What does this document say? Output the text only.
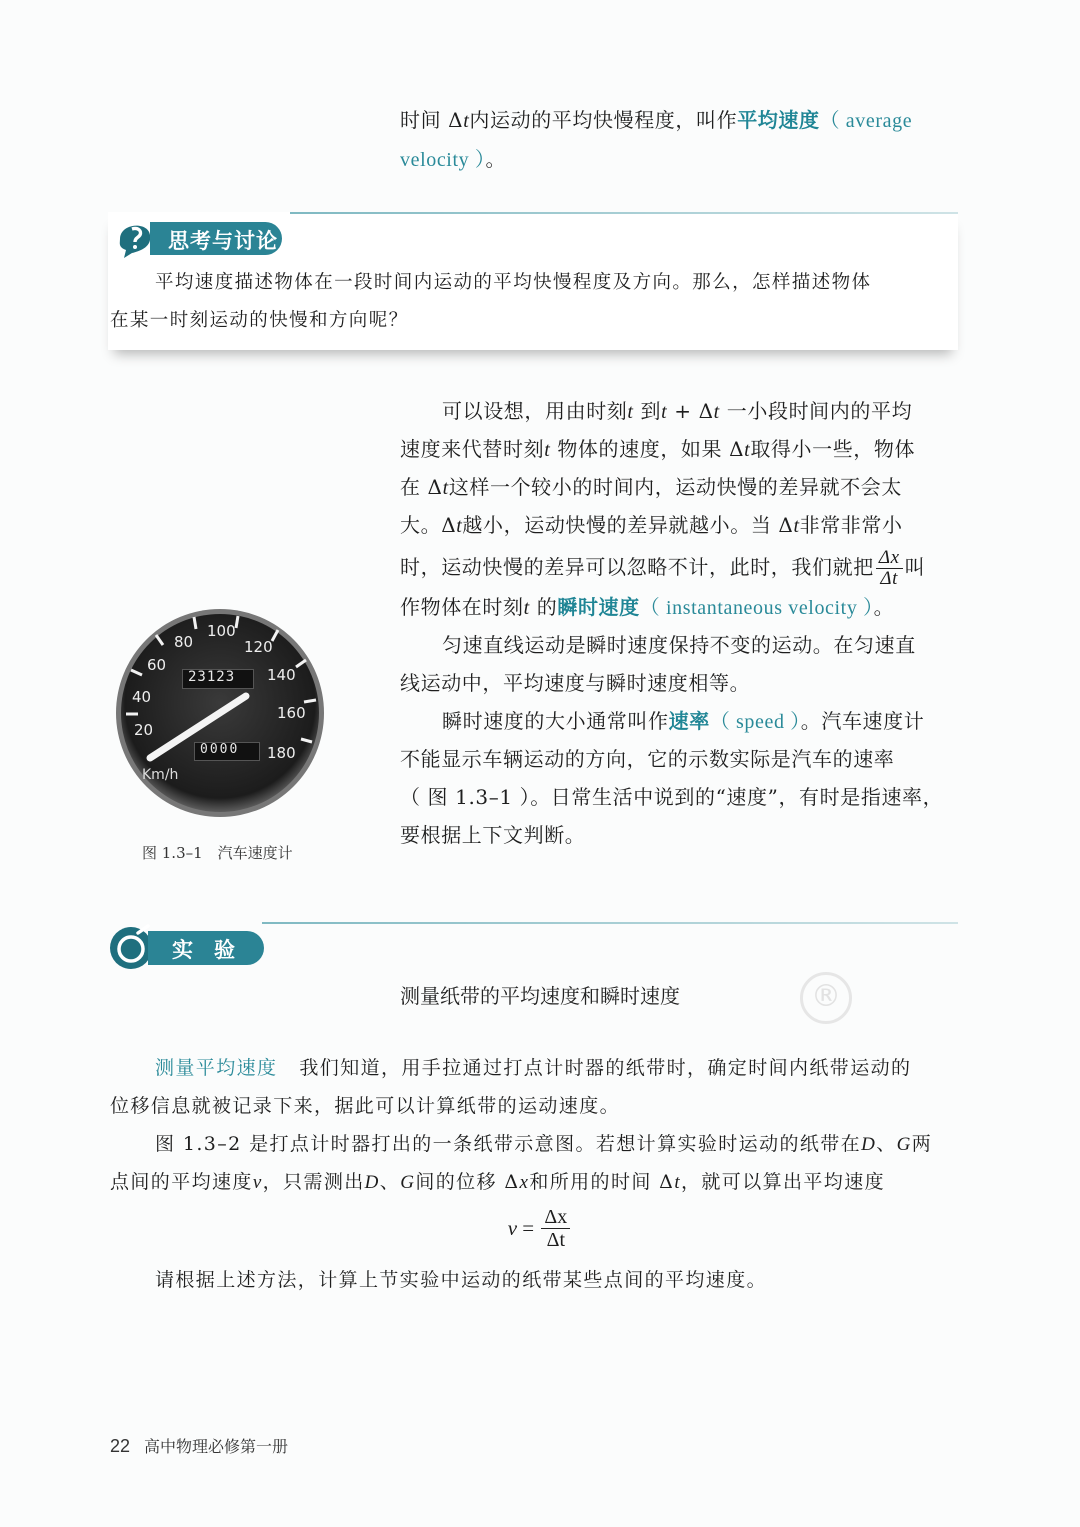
时间 Δt内运动的平均快慢程度，叫作平均速度（ average
velocity ）。
思考与讨论
平均速度描述物体在一段时间内运动的平均快慢程度及方向。那么，怎样描述物体
在某一时刻运动的快慢和方向呢？
20
40
60
80
100
120
140
160
180
23123
0000
Km/h
图 1.3–1　汽车速度计
可以设想，用由时刻t 到t + Δt 一小段时间内的平均
速度来代替时刻t 物体的速度，如果 Δt取得小一些，物体
在 Δt这样一个较小的时间内，运动快慢的差异就不会太
大。Δt越小，运动快慢的差异就越小。当 Δt非常非常小
时，运动快慢的差异可以忽略不计，此时，我们就把 $\frac{\Delta x}{\Delta t}$ 叫
作物体在时刻t 的瞬时速度（ instantaneous velocity ）。
匀速直线运动是瞬时速度保持不变的运动。在匀速直
线运动中，平均速度与瞬时速度相等。
瞬时速度的大小通常叫作速率（ speed ）。汽车速度计
不能显示车辆运动的方向，它的示数实际是汽车的速率
（ 图 1.3–1 ）。日常生活中说到的“速度”，有时是指速率，
要根据上下文判断。
实　验
®
测量纸带的平均速度和瞬时速度
测量平均速度 我们知道，用手拉通过打点计时器的纸带时，确定时间内纸带运动的
位移信息就被记录下来，据此可以计算纸带的运动速度。
图 1.3–2 是打点计时器打出的一条纸带示意图。若想计算实验时运动的纸带在D、G两
点间的平均速度v，只需测出D、G间的位移 Δx和所用的时间 Δt，就可以算出平均速度
$v = \frac{\Delta x}{\Delta t}$
请根据上述方法，计算上节实验中运动的纸带某些点间的平均速度。
22 高中物理必修第一册
